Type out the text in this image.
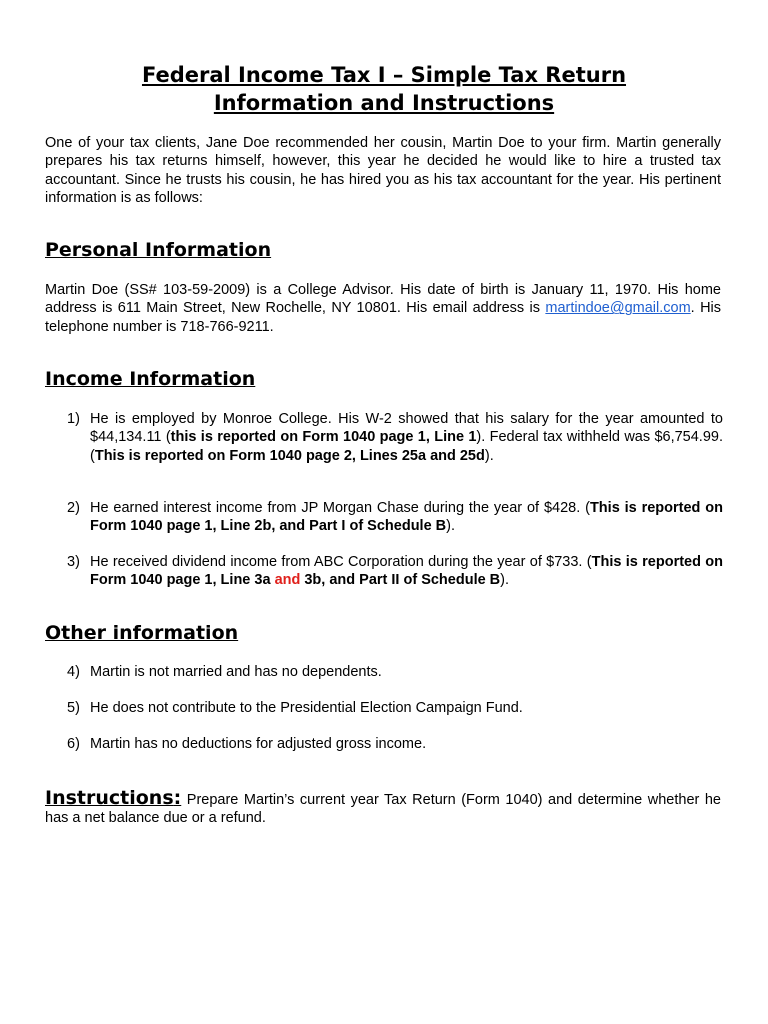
Federal Income Tax I – Simple Tax Return
Information and Instructions
One of your tax clients, Jane Doe recommended her cousin, Martin Doe to your firm. Martin generally prepares his tax returns himself, however, this year he decided he would like to hire a trusted tax accountant. Since he trusts his cousin, he has hired you as his tax accountant for the year. His pertinent information is as follows:
Personal Information
Martin Doe (SS# 103-59-2009) is a College Advisor. His date of birth is January 11, 1970. His home address is 611 Main Street, New Rochelle, NY 10801. His email address is martindoe@gmail.com. His telephone number is 718-766-9211.
Income Information
1) He is employed by Monroe College. His W-2 showed that his salary for the year amounted to $44,134.11 (this is reported on Form 1040 page 1, Line 1). Federal tax withheld was $6,754.99. (This is reported on Form 1040 page 2, Lines 25a and 25d).
2) He earned interest income from JP Morgan Chase during the year of $428. (This is reported on Form 1040 page 1, Line 2b, and Part I of Schedule B).
3) He received dividend income from ABC Corporation during the year of $733. (This is reported on Form 1040 page 1, Line 3a and 3b, and Part II of Schedule B).
Other information
4) Martin is not married and has no dependents.
5) He does not contribute to the Presidential Election Campaign Fund.
6) Martin has no deductions for adjusted gross income.
Instructions: Prepare Martin’s current year Tax Return (Form 1040) and determine whether he has a net balance due or a refund.
